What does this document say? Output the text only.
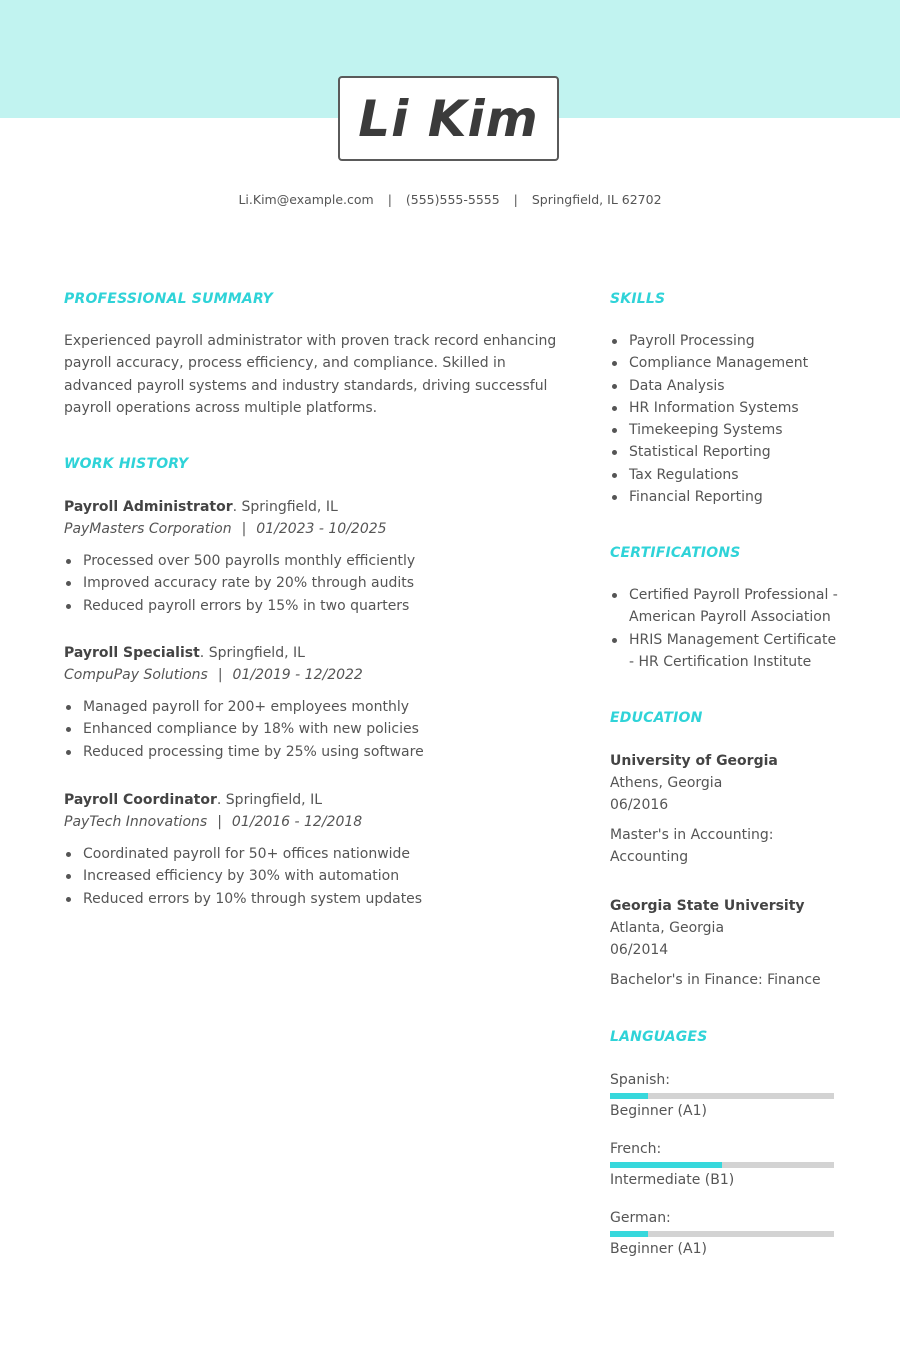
Li Kim
Li.Kim@example.com | (555)555-5555 | Springfield, IL 62702
PROFESSIONAL SUMMARY
Experienced payroll administrator with proven track record enhancing payroll accuracy, process efficiency, and compliance. Skilled in advanced payroll systems and industry standards, driving successful payroll operations across multiple platforms.
WORK HISTORY
Payroll Administrator. Springfield, IL
PayMasters Corporation | 01/2023 - 10/2025
Processed over 500 payrolls monthly efficiently
Improved accuracy rate by 20% through audits
Reduced payroll errors by 15% in two quarters
Payroll Specialist. Springfield, IL
CompuPay Solutions | 01/2019 - 12/2022
Managed payroll for 200+ employees monthly
Enhanced compliance by 18% with new policies
Reduced processing time by 25% using software
Payroll Coordinator. Springfield, IL
PayTech Innovations | 01/2016 - 12/2018
Coordinated payroll for 50+ offices nationwide
Increased efficiency by 30% with automation
Reduced errors by 10% through system updates
SKILLS
Payroll Processing
Compliance Management
Data Analysis
HR Information Systems
Timekeeping Systems
Statistical Reporting
Tax Regulations
Financial Reporting
CERTIFICATIONS
Certified Payroll Professional - American Payroll Association
HRIS Management Certificate - HR Certification Institute
EDUCATION
University of Georgia
Athens, Georgia
06/2016
Master's in Accounting: Accounting
Georgia State University
Atlanta, Georgia
06/2014
Bachelor's in Finance: Finance
LANGUAGES
Spanish:
Beginner (A1)
French:
Intermediate (B1)
German:
Beginner (A1)
